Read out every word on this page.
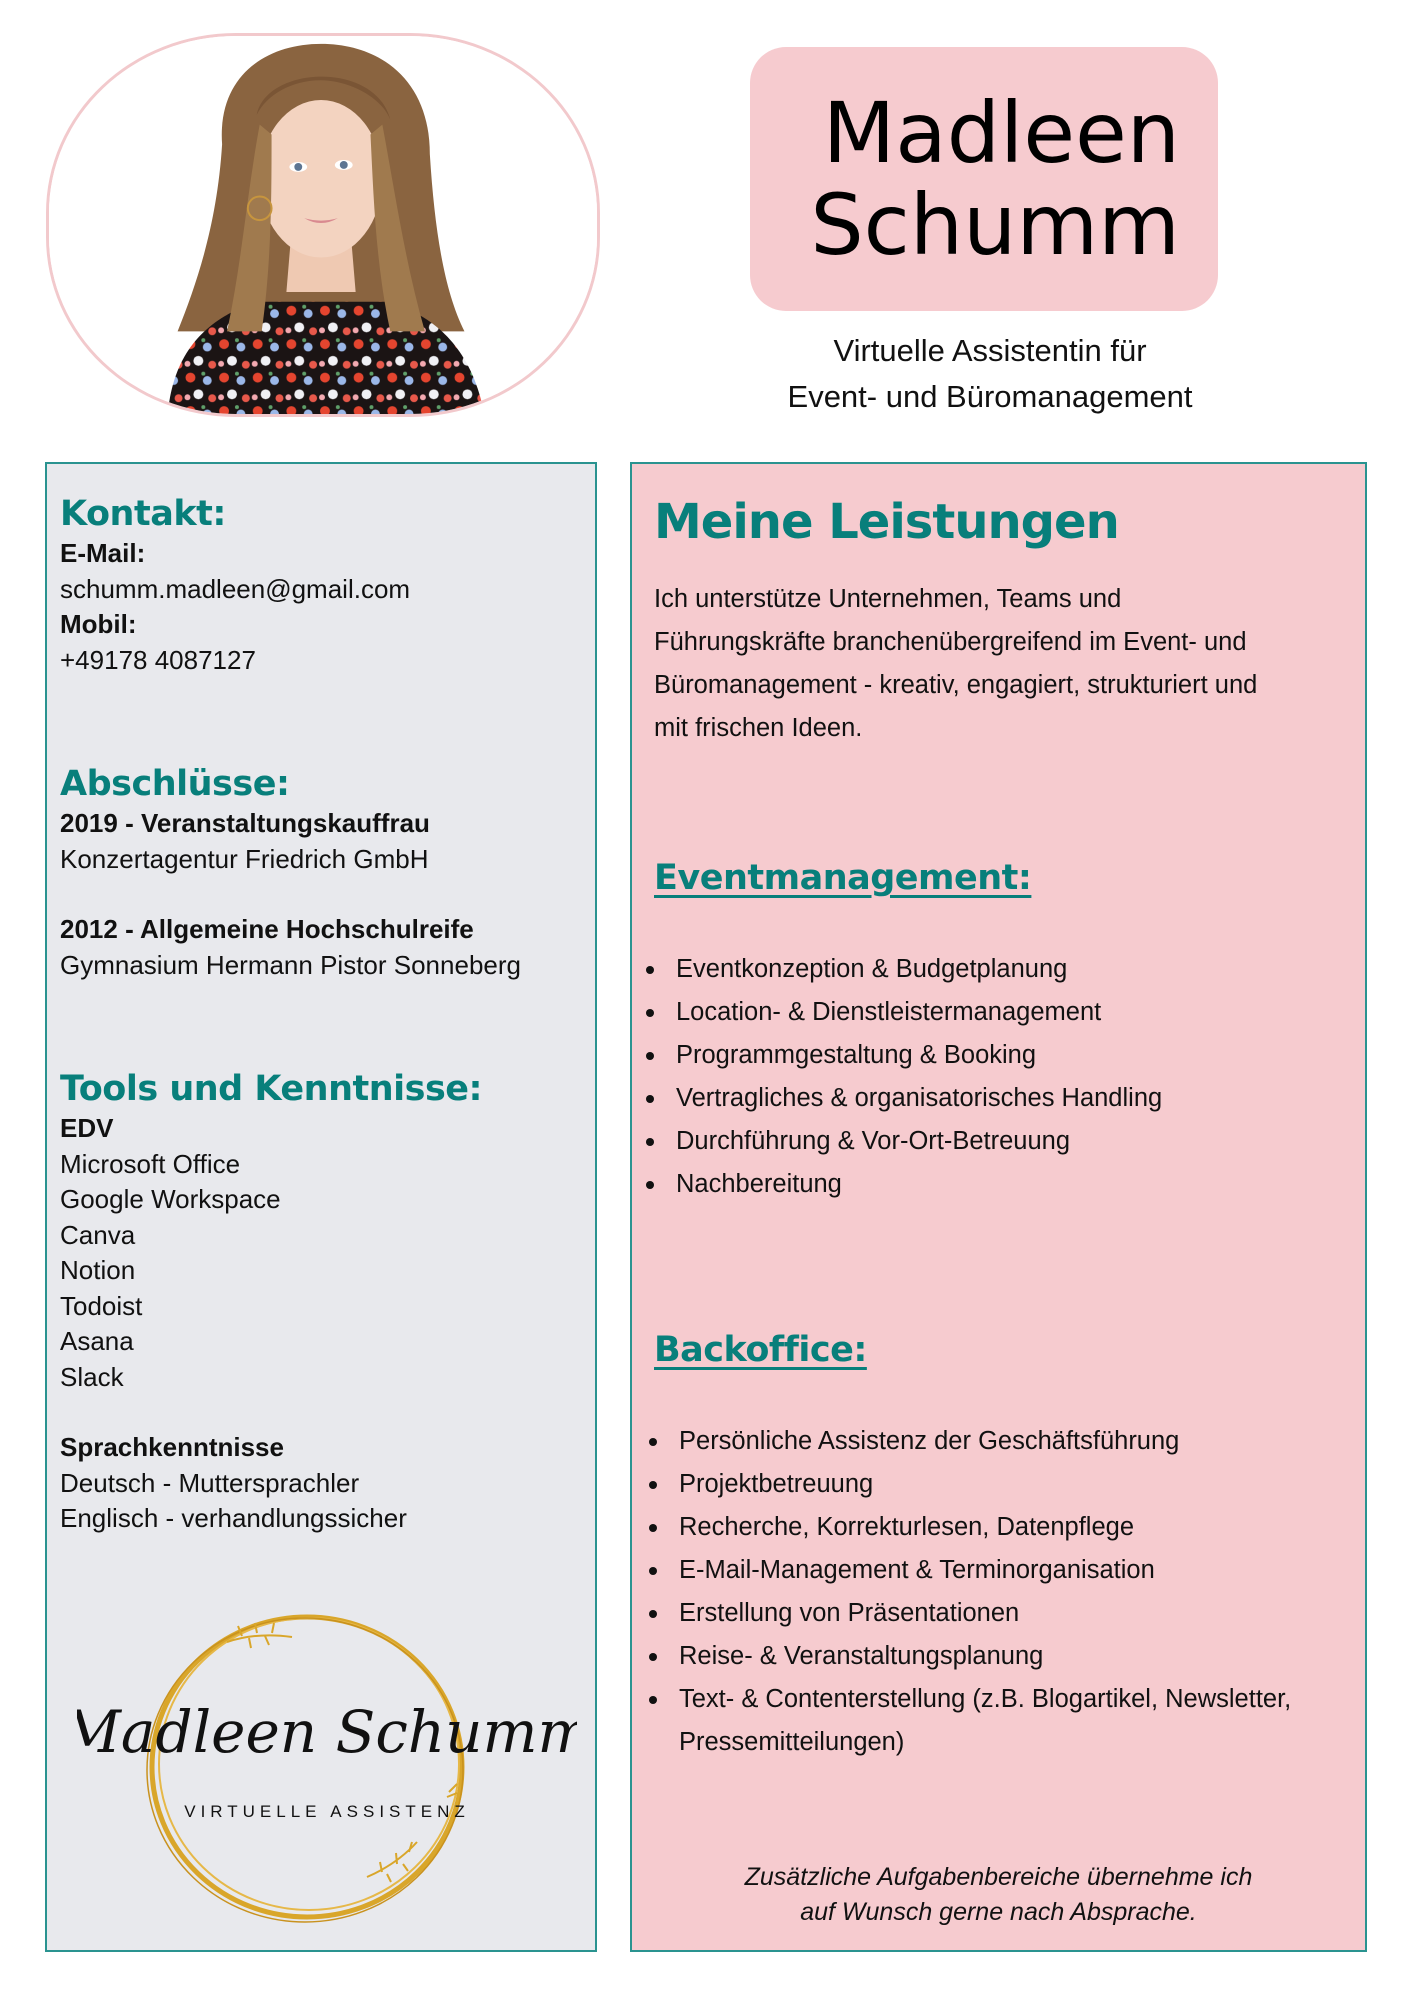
Madleen
Schumm
Virtuelle Assistentin für
Event- und Büromanagement
Kontakt:
E-Mail:
schumm.madleen@gmail.com
Mobil:
+49178 4087127
Abschlüsse:
2019 - Veranstaltungskauffrau
Konzertagentur Friedrich GmbH
2012 - Allgemeine Hochschulreife
Gymnasium Hermann Pistor Sonneberg
Tools und Kenntnisse:
EDV
Microsoft Office
Google Workspace
Canva
Notion
Todoist
Asana
Slack
Sprachkenntnisse
Deutsch - Muttersprachler
Englisch - verhandlungssicher
Madleen Schumm
VIRTUELLE ASSISTENZ
Meine Leistungen
Ich unterstütze Unternehmen, Teams und
Führungskräfte branchenübergreifend im Event- und
Büromanagement - kreativ, engagiert, strukturiert und
mit frischen Ideen.
Eventmanagement:
Eventkonzeption & Budgetplanung
Location- & Dienstleistermanagement
Programmgestaltung & Booking
Vertragliches & organisatorisches Handling
Durchführung & Vor-Ort-Betreuung
Nachbereitung
Backoffice:
Persönliche Assistenz der Geschäftsführung
Projektbetreuung
Recherche, Korrekturlesen, Datenpflege
E-Mail-Management & Terminorganisation
Erstellung von Präsentationen
Reise- & Veranstaltungsplanung
Text- & Contenterstellung (z.B. Blogartikel, Newsletter, Pressemitteilungen)
Zusätzliche Aufgabenbereiche übernehme ich
auf Wunsch gerne nach Absprache.
